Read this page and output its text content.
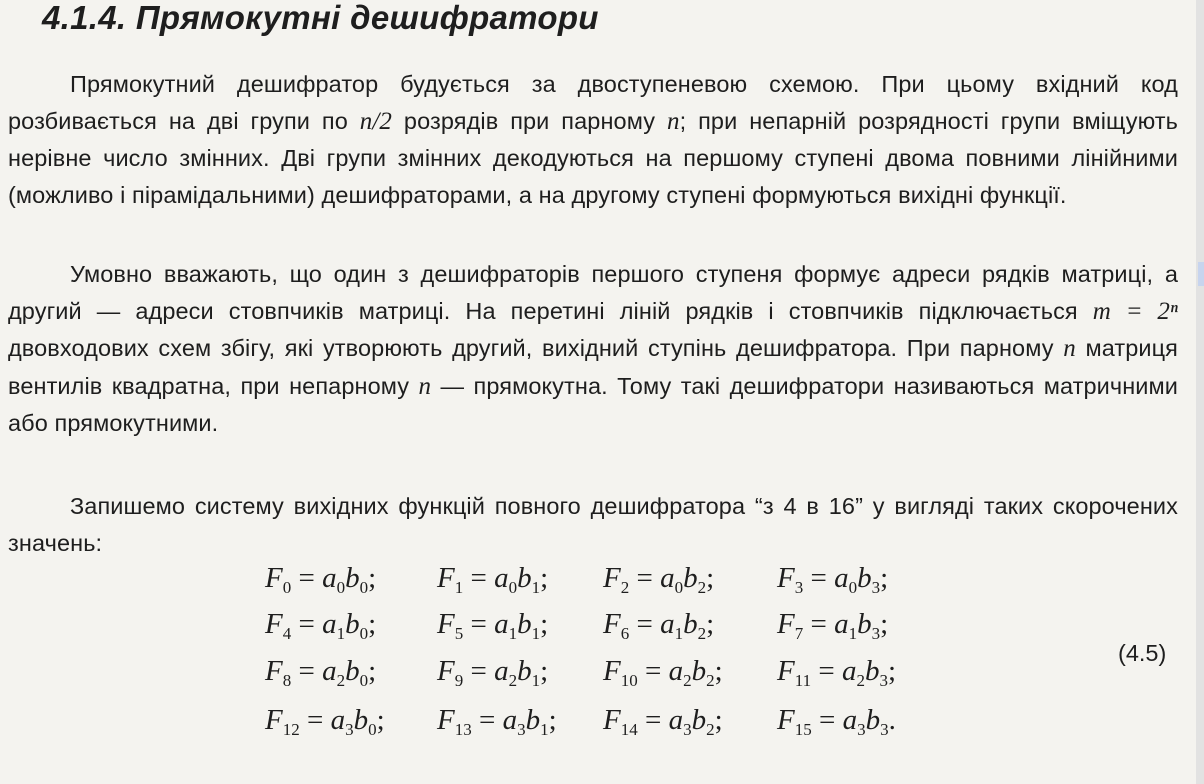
4.1.4. Прямокутні дешифратори

Прямокутний дешифратор будується за двоступеневою схемою. При цьому вхідний код розбивається на дві групи по n/2 розрядів при парному n; при непарній розрядності групи вміщують нерівне число змінних. Дві групи змінних декодуються на першому ступені двома повними лінійними (можливо і пірамідальними) дешифраторами, а на другому ступені формуються вихідні функції.

Умовно вважають, що один з дешифраторів першого ступеня формує адреси рядків матриці, а другий — адреси стовпчиків матриці. На перетині ліній рядків і стовпчиків підключається m = 2ⁿ двовходових схем збігу, які утворюють другий, вихідний ступінь дешифратора. При парному n матриця вентилів квадратна, при непарному n — прямокутна. Тому такі дешифратори називаються матричними або прямокутними.

Запишемо систему вихідних функцій повного дешифратора “з 4 в 16” у вигляді таких скорочених значень:

$F_0 = a_0b_0$;
$F_4 = a_1b_0$;
$F_8 = a_2b_0$;
$F_{12} = a_3b_0$;
$F_1 = a_0b_1$;
$F_5 = a_1b_1$;
$F_9 = a_2b_1$;
$F_{13} = a_3b_1$;
$F_2 = a_0b_2$;
$F_6 = a_1b_2$;
$F_{10} = a_2b_2$;
$F_{14} = a_3b_2$;
$F_3 = a_0b_3$;
$F_7 = a_1b_3$;
$F_{11} = a_2b_3$;
$F_{15} = a_3b_3$.
(4.5)
